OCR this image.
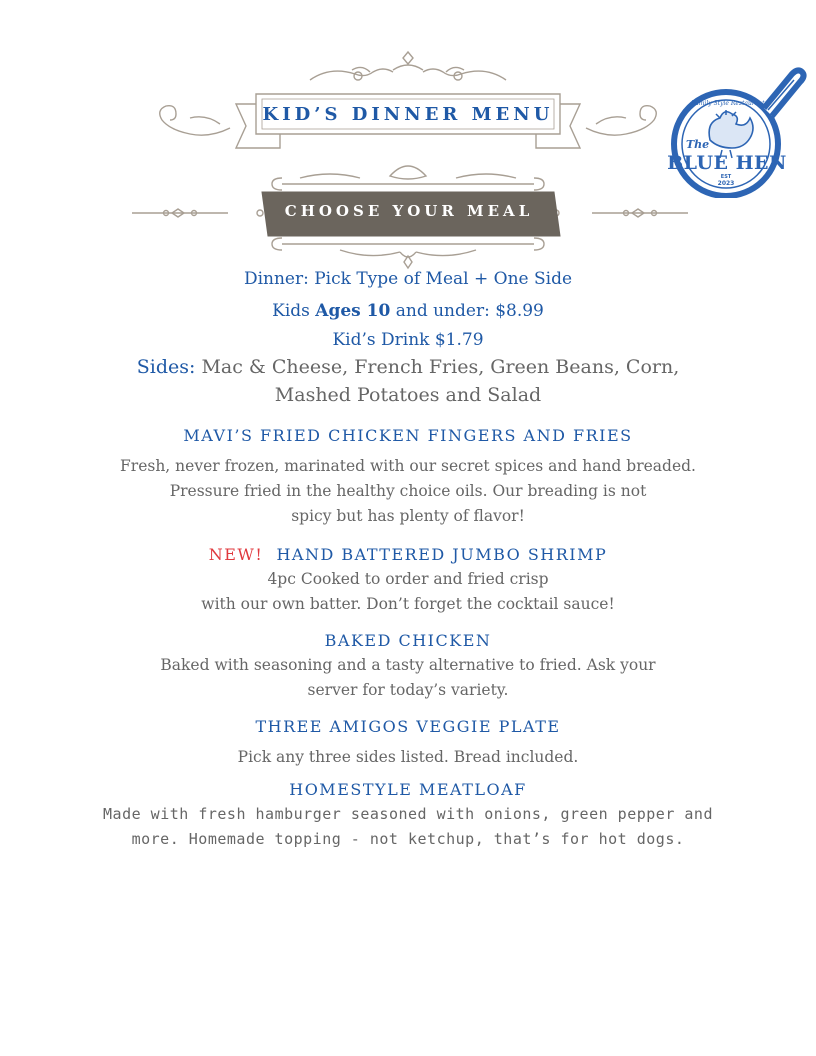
KID’S DINNER MENU
CHOOSE YOUR MEAL
Family Style Restaurant
The
BLUE HEN
EST
2023
Dinner: Pick Type of Meal + One Side
Kids Ages 10 and under: $8.99
Kid’s Drink $1.79
Sides: Mac & Cheese, French Fries, Green Beans, Corn,
Mashed Potatoes and Salad
MAVI’S FRIED CHICKEN FINGERS AND FRIES
Fresh, never frozen, marinated with our secret spices and hand breaded.
Pressure fried in the healthy choice oils. Our breading is not
spicy but has plenty of flavor!
NEW!  HAND BATTERED JUMBO SHRIMP
4pc Cooked to order and fried crisp
with our own batter. Don’t forget the cocktail sauce!
BAKED CHICKEN
Baked with seasoning and a tasty alternative to fried. Ask your
server for today’s variety.
THREE AMIGOS VEGGIE PLATE
Pick any three sides listed. Bread included.
HOMESTYLE MEATLOAF
Made with fresh hamburger seasoned with onions, green pepper and
more. Homemade topping - not ketchup, that’s for hot dogs.
